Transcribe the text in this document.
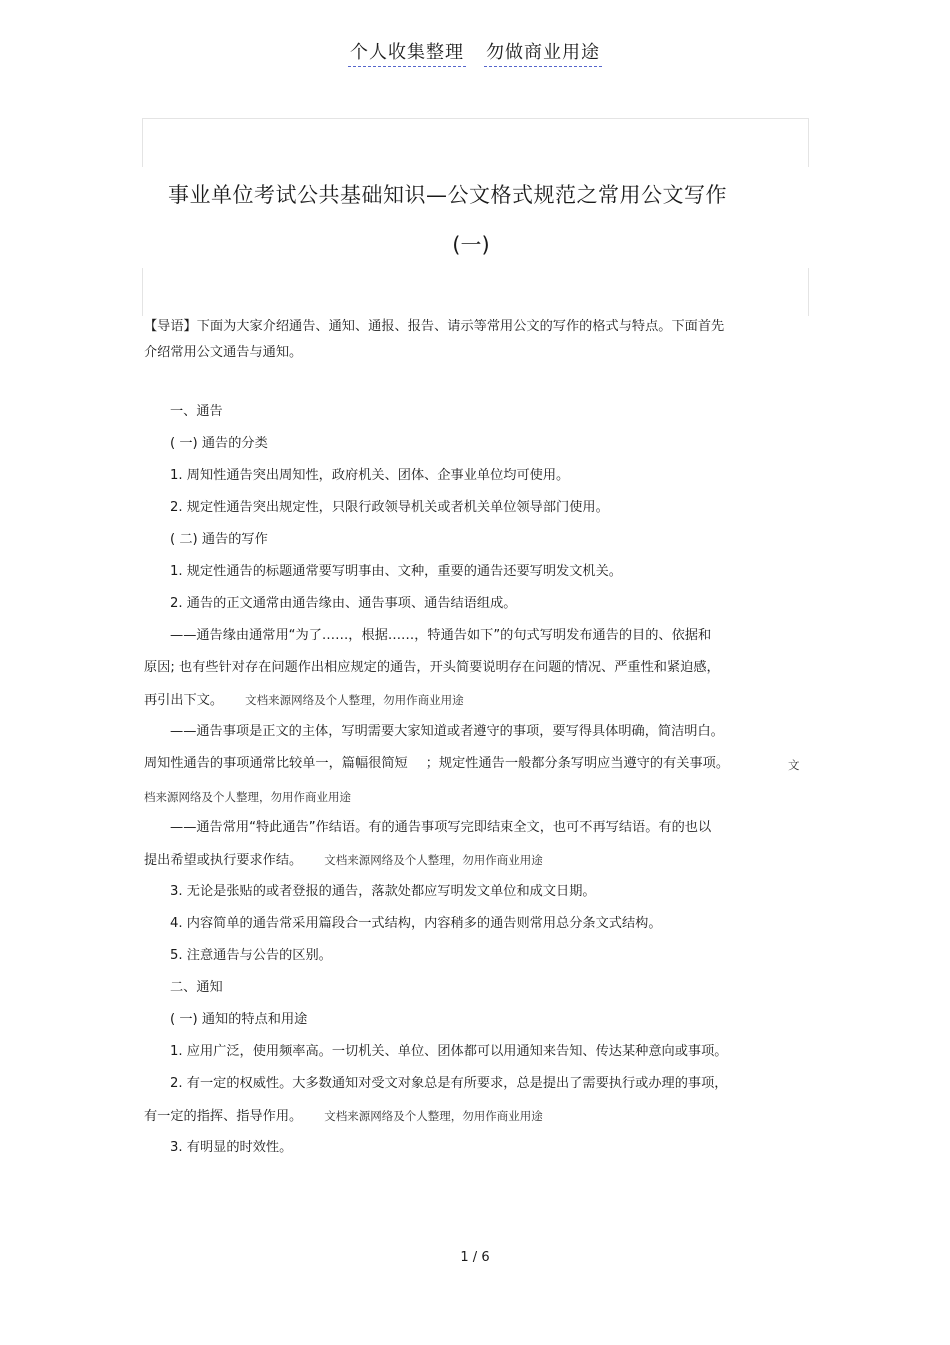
个人收集整理 勿做商业用途
事业单位考试公共基础知识—公文格式规范之常用公文写作
(一)
【导语】下面为大家介绍通告、通知、通报、报告、请示等常用公文的写作的格式与特点。下面首先
介绍常用公文通告与通知。
一、通告
( 一) 通告的分类
1. 周知性通告突出周知性，政府机关、团体、企事业单位均可使用。
2. 规定性通告突出规定性，只限行政领导机关或者机关单位领导部门使用。
( 二) 通告的写作
1. 规定性通告的标题通常要写明事由、文种，重要的通告还要写明发文机关。
2. 通告的正文通常由通告缘由、通告事项、通告结语组成。
——通告缘由通常用“为了……，根据……，特通告如下”的句式写明发布通告的目的、依据和
原因; 也有些针对存在问题作出相应规定的通告，开头简要说明存在问题的情况、严重性和紧迫感，
再引出下文。 文档来源网络及个人整理，勿用作商业用途
——通告事项是正文的主体，写明需要大家知道或者遵守的事项，要写得具体明确，简洁明白。
周知性通告的事项通常比较单一，篇幅很简短 ；规定性通告一般都分条写明应当遵守的有关事项。	文
档来源网络及个人整理，勿用作商业用途
——通告常用“特此通告”作结语。有的通告事项写完即结束全文，也可不再写结语。有的也以
提出希望或执行要求作结。 文档来源网络及个人整理，勿用作商业用途
3. 无论是张贴的或者登报的通告，落款处都应写明发文单位和成文日期。
4. 内容简单的通告常采用篇段合一式结构，内容稍多的通告则常用总分条文式结构。
5. 注意通告与公告的区别。
二、通知
( 一) 通知的特点和用途
1. 应用广泛，使用频率高。一切机关、单位、团体都可以用通知来告知、传达某种意向或事项。
2. 有一定的权威性。大多数通知对受文对象总是有所要求，总是提出了需要执行或办理的事项，
有一定的指挥、指导作用。 文档来源网络及个人整理，勿用作商业用途
3. 有明显的时效性。
1 / 6
